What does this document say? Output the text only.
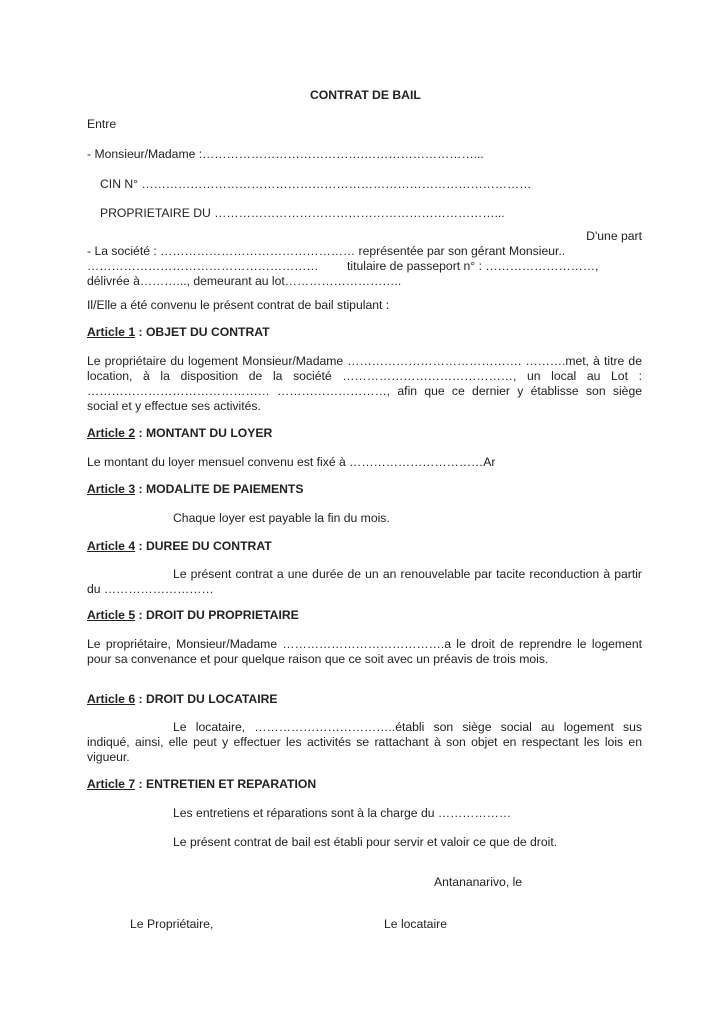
CONTRAT DE BAIL
Entre
- Monsieur/Madame :………………………………….………………………...
CIN N° ……………………………………………………………………………………
PROPRIETAIRE DU ……………………………………………………………...
D'une part
- La société : ………………………………………… représentée par son gérant Monsieur..
………………………………………………… titulaire de passeport n° : ………………………,
délivrée à………..., demeurant au lot………………………..
Il/Elle a été convenu le présent contrat de bail stipulant :
Article 1 : OBJET DU CONTRAT
Le propriétaire du logement Monsieur/Madame ……………………………………. ……….met, à titre de
location, à la disposition de la société ……………………………………, un local au Lot :
……………………………………… ………………………, afin que ce dernier y établisse son siège
social et y effectue ses activités.
Article 2 : MONTANT DU LOYER
Le montant du loyer mensuel convenu est fixé à ……………………………Ar
Article 3 : MODALITE DE PAIEMENTS
Chaque loyer est payable la fin du mois.
Article 4 : DUREE DU CONTRAT
Le présent contrat a une durée de un an renouvelable par tacite reconduction à partir
du ………………………
Article 5 : DROIT DU PROPRIETAIRE
Le propriétaire, Monsieur/Madame ………………………………….a le droit de reprendre le logement
pour sa convenance et pour quelque raison que ce soit avec un préavis de trois mois.
Article 6 : DROIT DU LOCATAIRE
Le locataire, ……………………………..établi son siège social au logement sus
indiqué, ainsi, elle peut y effectuer les activités se rattachant à son objet en respectant les lois en
vigueur.
Article 7 : ENTRETIEN ET REPARATION
Les entretiens et réparations sont à la charge du ………………
Le présent contrat de bail est établi pour servir et valoir ce que de droit.
Antananarivo, le
Le Propriétaire,	Le locataire
